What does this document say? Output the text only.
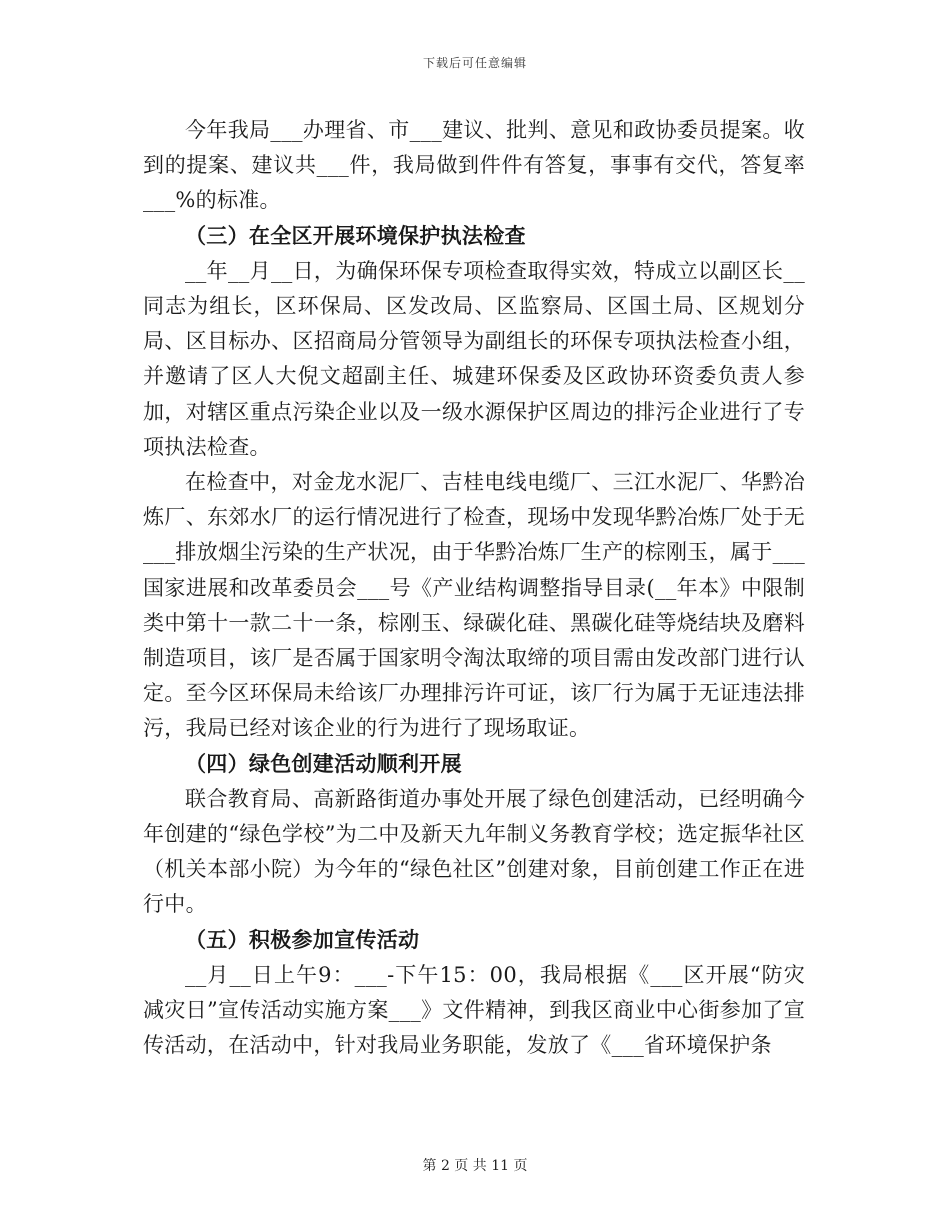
下载后可任意编辑

今年我局___办理省、市___建议、批判、意见和政协委员提案。收到的提案、建议共___件，我局做到件件有答复，事事有交代，答复率___%的标准。

（三）在全区开展环境保护执法检查

__年__月__日，为确保环保专项检查取得实效，特成立以副区长__同志为组长，区环保局、区发改局、区监察局、区国土局、区规划分局、区目标办、区招商局分管领导为副组长的环保专项执法检查小组，并邀请了区人大倪文超副主任、城建环保委及区政协环资委负责人参加，对辖区重点污染企业以及一级水源保护区周边的排污企业进行了专项执法检查。

在检查中，对金龙水泥厂、吉桂电线电缆厂、三江水泥厂、华黔冶炼厂、东郊水厂的运行情况进行了检查，现场中发现华黔冶炼厂处于无___排放烟尘污染的生产状况，由于华黔冶炼厂生产的棕刚玉，属于___国家进展和改革委员会___号《产业结构调整指导目录(__年本》中限制类中第十一款二十一条，棕刚玉、绿碳化硅、黑碳化硅等烧结块及磨料制造项目，该厂是否属于国家明令淘汰取缔的项目需由发改部门进行认定。至今区环保局未给该厂办理排污许可证，该厂行为属于无证违法排污，我局已经对该企业的行为进行了现场取证。

（四）绿色创建活动顺利开展

联合教育局、高新路街道办事处开展了绿色创建活动，已经明确今年创建的“绿色学校”为二中及新天九年制义务教育学校；选定振华社区（机关本部小院）为今年的“绿色社区”创建对象，目前创建工作正在进行中。

（五）积极参加宣传活动

__月__日上午9：___-下午15：00，我局根据《___区开展“防灾减灾日”宣传活动实施方案___》文件精神，到我区商业中心街参加了宣传活动，在活动中，针对我局业务职能，发放了《___省环境保护条

第 2 页 共 11 页
